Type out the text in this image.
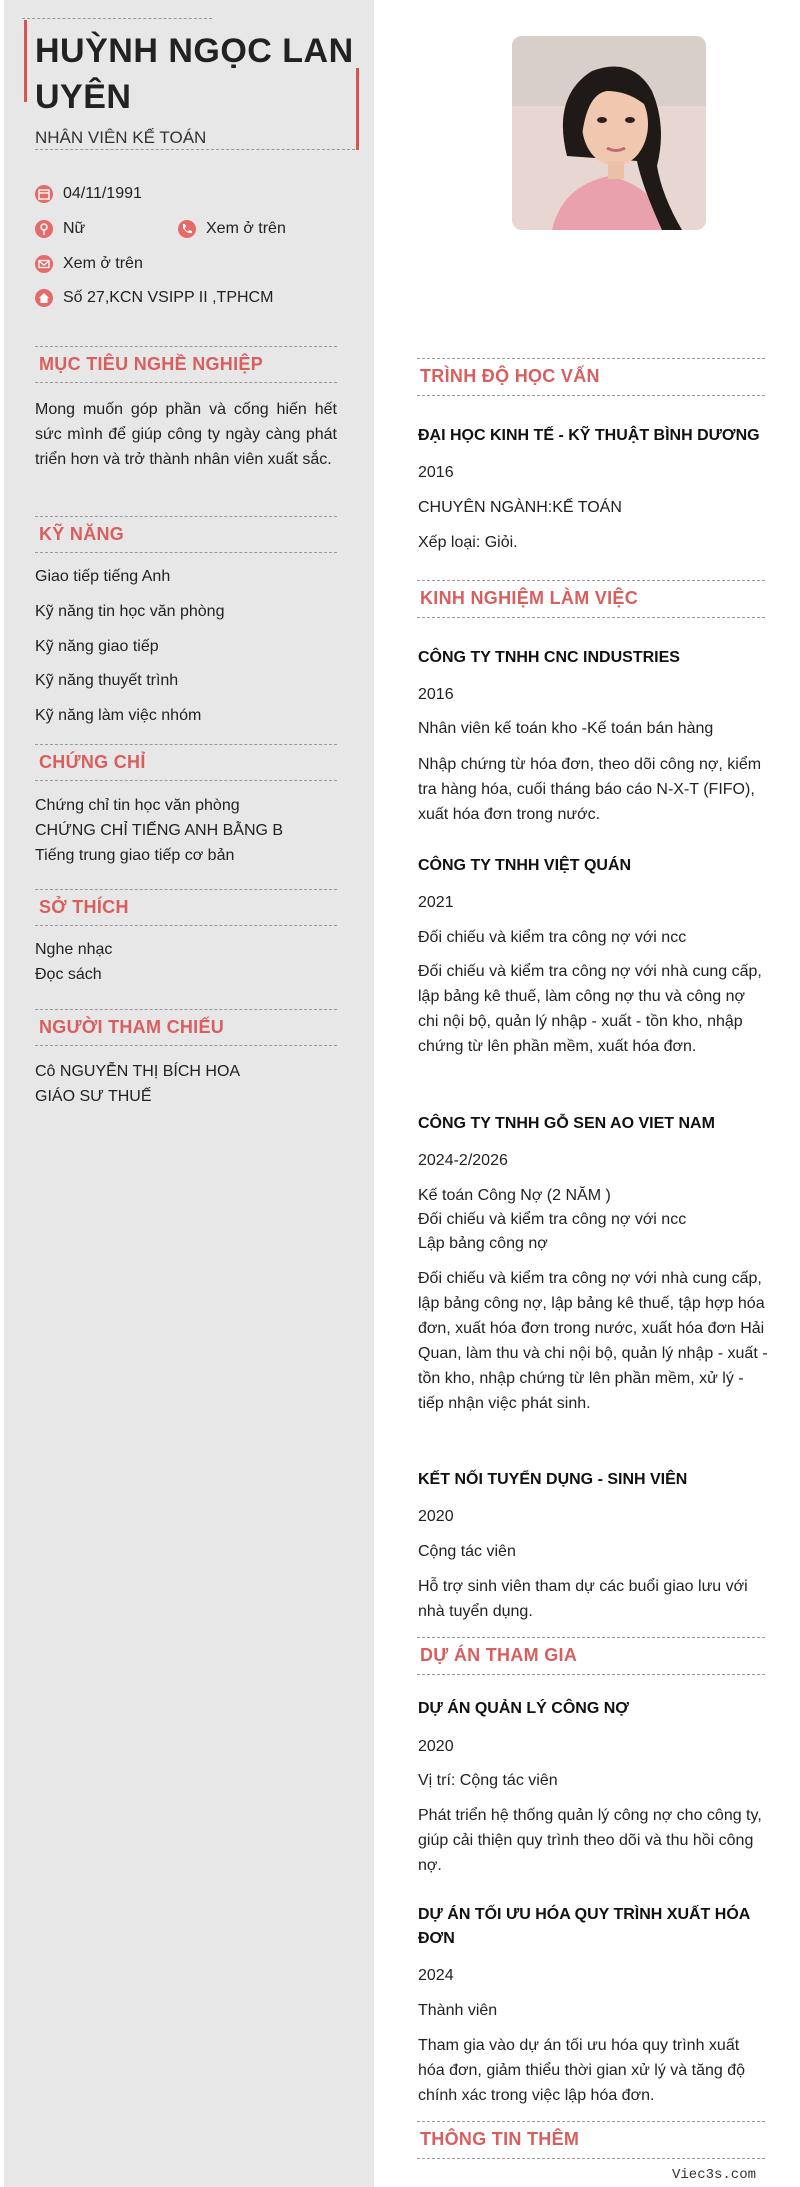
HUỲNH NGỌC LAN UYÊN
NHÂN VIÊN KẾ TOÁN
04/11/1991
Nữ	Xem ở trên
Xem ở trên
Số 27,KCN VSIPP II ,TPHCM
MỤC TIÊU NGHỀ NGHIỆP
Mong muốn góp phần và cống hiến hết sức mình để giúp công ty ngày càng phát triển hơn và trở thành nhân viên xuất sắc.
KỸ NĂNG
Giao tiếp tiếng Anh
Kỹ năng tin học văn phòng
Kỹ năng giao tiếp
Kỹ năng thuyết trình
Kỹ năng làm việc nhóm
CHỨNG CHỈ
Chứng chỉ tin học văn phòng
CHỨNG CHỈ TIẾNG ANH BẰNG B
Tiếng trung giao tiếp cơ bản
SỞ THÍCH
Nghe nhạc
Đọc sách
NGƯỜI THAM CHIẾU
Cô NGUYỄN THỊ BÍCH HOA
GIÁO SƯ THUẾ
TRÌNH ĐỘ HỌC VẤN
ĐẠI HỌC KINH TẾ - KỸ THUẬT BÌNH DƯƠNG
2016
CHUYÊN NGÀNH:KẾ TOÁN
Xếp loại: Giỏi.
KINH NGHIỆM LÀM VIỆC
CÔNG TY TNHH CNC INDUSTRIES
2016
Nhân viên kế toán kho -Kế toán bán hàng
Nhập chứng từ hóa đơn, theo dõi công nợ, kiểm tra hàng hóa, cuối tháng báo cáo N-X-T (FIFO), xuất hóa đơn trong nước.
CÔNG TY TNHH VIỆT QUÁN
2021
Đối chiếu và kiểm tra công nợ với ncc
Đối chiếu và kiểm tra công nợ với nhà cung cấp, lập bảng kê thuế, làm công nợ thu và công nợ chi nội bộ, quản lý nhập - xuất - tồn kho, nhập chứng từ lên phần mềm, xuất hóa đơn.
CÔNG TY TNHH GỖ SEN AO VIET NAM
2024-2/2026
Kế toán Công Nợ (2 NĂM )
Đối chiếu và kiểm tra công nợ với ncc
Lập bảng công nợ
Đối chiếu và kiểm tra công nợ với nhà cung cấp, lập bảng công nợ, lập bảng kê thuế, tập hợp hóa đơn, xuất hóa đơn trong nước, xuất hóa đơn Hải Quan, làm thu và chi nội bộ, quản lý nhập - xuất - tồn kho, nhập chứng từ lên phần mềm, xử lý - tiếp nhận việc phát sinh.
KẾT NỐI TUYỂN DỤNG - SINH VIÊN
2020
Cộng tác viên
Hỗ trợ sinh viên tham dự các buổi giao lưu với nhà tuyển dụng.
DỰ ÁN THAM GIA
DỰ ÁN QUẢN LÝ CÔNG NỢ
2020
Vị trí: Cộng tác viên
Phát triển hệ thống quản lý công nợ cho công ty, giúp cải thiện quy trình theo dõi và thu hồi công nợ.
DỰ ÁN TỐI ƯU HÓA QUY TRÌNH XUẤT HÓA ĐƠN
2024
Thành viên
Tham gia vào dự án tối ưu hóa quy trình xuất hóa đơn, giảm thiểu thời gian xử lý và tăng độ chính xác trong việc lập hóa đơn.
THÔNG TIN THÊM
Viec3s.com
